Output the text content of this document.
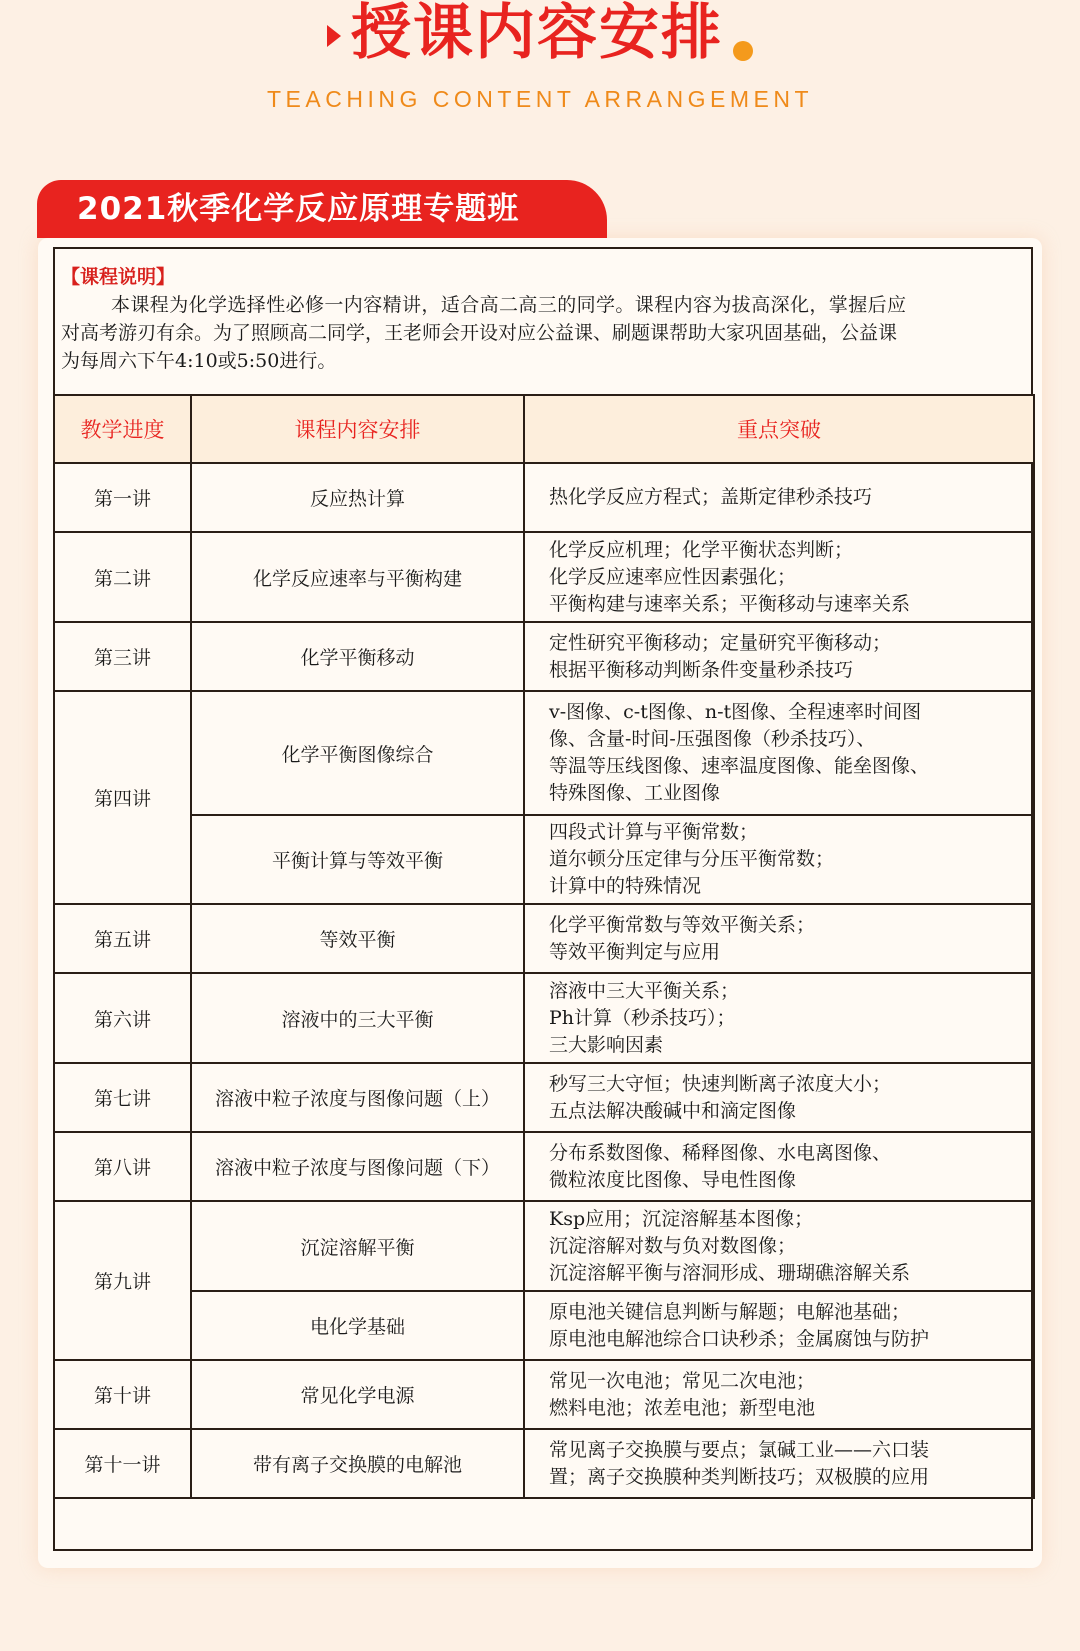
授课内容安排
TEACHING CONTENT ARRANGEMENT
2021秋季化学反应原理专题班
【课程说明】
本课程为化学选择性必修一内容精讲，适合高二高三的同学。课程内容为拔高深化，掌握后应
对高考游刃有余。为了照顾高二同学，王老师会开设对应公益课、刷题课帮助大家巩固基础，公益课
为每周六下午4:10或5:50进行。
教学进度	课程内容安排	重点突破
第一讲	反应热计算	热化学反应方程式；盖斯定律秒杀技巧

第二讲	化学反应速率与平衡构建	化学反应机理；化学平衡状态判断；
化学反应速率应性因素强化；
平衡构建与速率关系；平衡移动与速率关系

第三讲	化学平衡移动	定性研究平衡移动；定量研究平衡移动；
根据平衡移动判断条件变量秒杀技巧

第四讲	化学平衡图像综合	v-图像、c-t图像、n-t图像、全程速率时间图
像、含量-时间-压强图像（秒杀技巧）、
等温等压线图像、速率温度图像、能垒图像、
特殊图像、工业图像

	平衡计算与等效平衡	四段式计算与平衡常数；
道尔顿分压定律与分压平衡常数；
计算中的特殊情况

第五讲	等效平衡	化学平衡常数与等效平衡关系；
等效平衡判定与应用

第六讲	溶液中的三大平衡	溶液中三大平衡关系；
Ph计算（秒杀技巧）；
三大影响因素

第七讲	溶液中粒子浓度与图像问题（上）	秒写三大守恒；快速判断离子浓度大小；
五点法解决酸碱中和滴定图像

第八讲	溶液中粒子浓度与图像问题（下）	分布系数图像、稀释图像、水电离图像、
微粒浓度比图像、导电性图像

第九讲	沉淀溶解平衡	Ksp应用；沉淀溶解基本图像；
沉淀溶解对数与负对数图像；
沉淀溶解平衡与溶洞形成、珊瑚礁溶解关系

	电化学基础	原电池关键信息判断与解题；电解池基础；
原电池电解池综合口诀秒杀；金属腐蚀与防护

第十讲	常见化学电源	常见一次电池；常见二次电池；
燃料电池；浓差电池；新型电池

第十一讲	带有离子交换膜的电解池	常见离子交换膜与要点；氯碱工业——六口装
置；离子交换膜种类判断技巧；双极膜的应用
